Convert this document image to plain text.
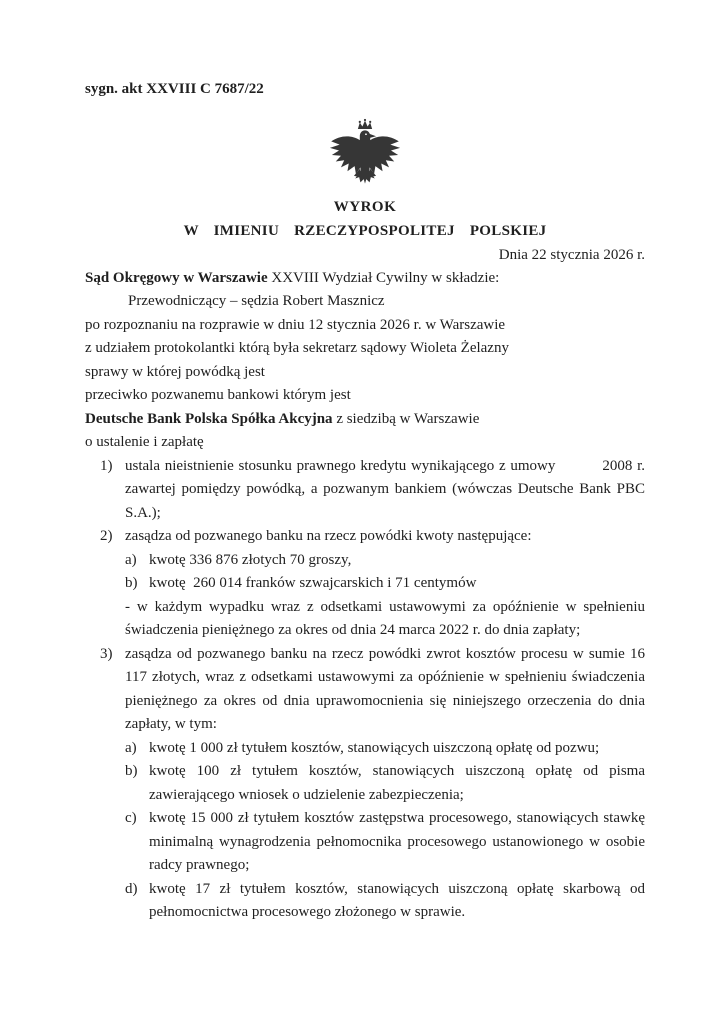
sygn. akt XXVIII C 7687/22
WYROK
W IMIENIU RZECZYPOSPOLITEJ POLSKIEJ
Dnia 22 stycznia 2026 r.
Sąd Okręgowy w Warszawie XXVIII Wydział Cywilny w składzie:
Przewodniczący – sędzia Robert Masznicz
po rozpoznaniu na rozprawie w dniu 12 stycznia 2026 r. w Warszawie
z udziałem protokolantki którą była sekretarz sądowy Wioleta Żelazny
sprawy w której powódką jest
przeciwko pozwanemu bankowi którym jest
Deutsche Bank Polska Spółka Akcyjna z siedzibą w Warszawie
o ustalenie i zapłatę
1) ustala nieistnienie stosunku prawnego kredytu wynikającego z umowy          2008 r. zawartej pomiędzy powódką, a pozwanym bankiem (wówczas Deutsche Bank PBC S.A.);
2) zasądza od pozwanego banku na rzecz powódki kwoty następujące:
a) kwotę 336 876 złotych 70 groszy,
b) kwotę  260 014 franków szwajcarskich i 71 centymów
- w każdym wypadku wraz z odsetkami ustawowymi za opóźnienie w spełnieniu świadczenia pieniężnego za okres od dnia 24 marca 2022 r. do dnia zapłaty;
3) zasądza od pozwanego banku na rzecz powódki zwrot kosztów procesu w sumie 16 117 złotych, wraz z odsetkami ustawowymi za opóźnienie w spełnieniu świadczenia pieniężnego za okres od dnia uprawomocnienia się niniejszego orzeczenia do dnia zapłaty, w tym:
a) kwotę 1 000 zł tytułem kosztów, stanowiących uiszczoną opłatę od pozwu;
b) kwotę 100 zł tytułem kosztów, stanowiących uiszczoną opłatę od pisma zawierającego wniosek o udzielenie zabezpieczenia;
c) kwotę 15 000 zł tytułem kosztów zastępstwa procesowego, stanowiących stawkę minimalną wynagrodzenia pełnomocnika procesowego ustanowionego w osobie radcy prawnego;
d) kwotę 17 zł tytułem kosztów, stanowiących uiszczoną opłatę skarbową od pełnomocnictwa procesowego złożonego w sprawie.
